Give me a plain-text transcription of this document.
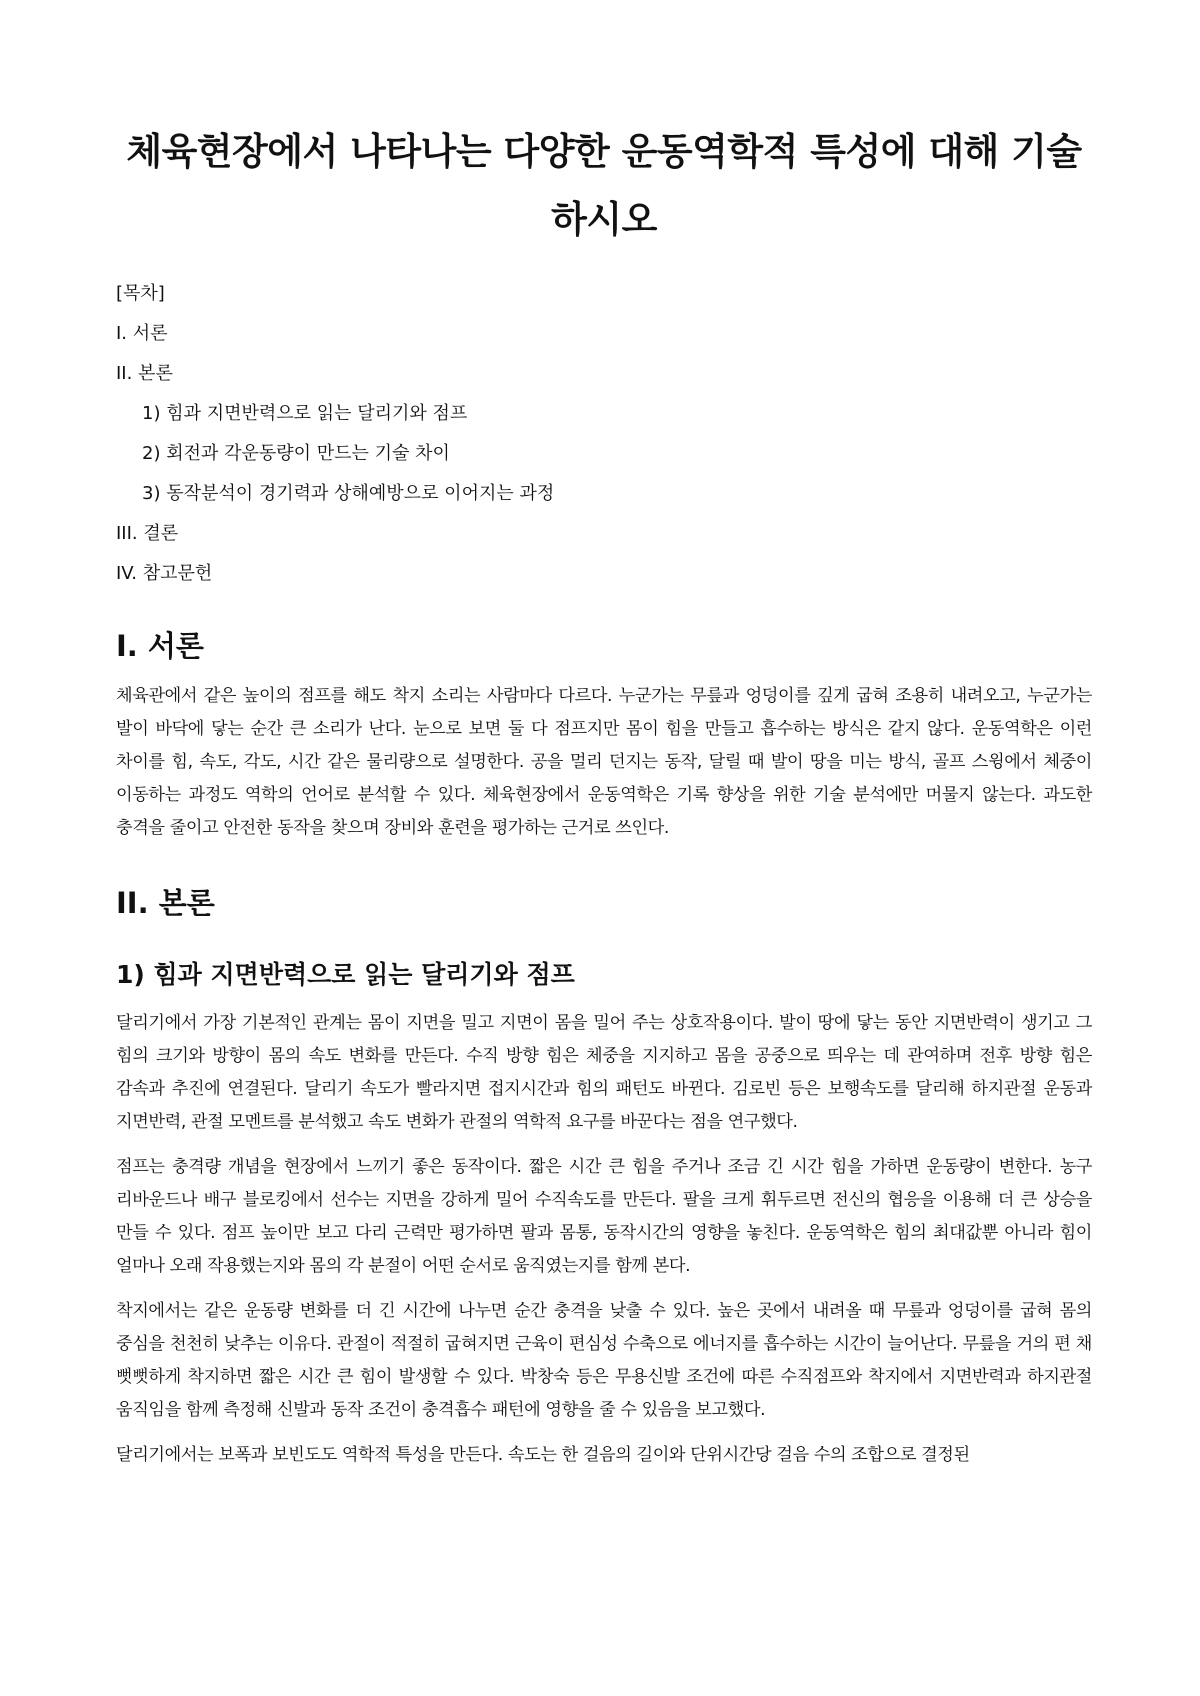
체육현장에서 나타나는 다양한 운동역학적 특성에 대해 기술하시오
[목차]
I. 서론
II. 본론
1) 힘과 지면반력으로 읽는 달리기와 점프
2) 회전과 각운동량이 만드는 기술 차이
3) 동작분석이 경기력과 상해예방으로 이어지는 과정
III. 결론
IV. 참고문헌
I. 서론

체육관에서 같은 높이의 점프를 해도 착지 소리는 사람마다 다르다. 누군가는 무릎과 엉덩이를 깊게 굽혀 조용히 내려오고, 누군가는 발이 바닥에 닿는 순간 큰 소리가 난다. 눈으로 보면 둘 다 점프지만 몸이 힘을 만들고 흡수하는 방식은 같지 않다. 운동역학은 이런 차이를 힘, 속도, 각도, 시간 같은 물리량으로 설명한다. 공을 멀리 던지는 동작, 달릴 때 발이 땅을 미는 방식, 골프 스윙에서 체중이 이동하는 과정도 역학의 언어로 분석할 수 있다. 체육현장에서 운동역학은 기록 향상을 위한 기술 분석에만 머물지 않는다. 과도한 충격을 줄이고 안전한 동작을 찾으며 장비와 훈련을 평가하는 근거로 쓰인다.

II. 본론
1) 힘과 지면반력으로 읽는 달리기와 점프

달리기에서 가장 기본적인 관계는 몸이 지면을 밀고 지면이 몸을 밀어 주는 상호작용이다. 발이 땅에 닿는 동안 지면반력이 생기고 그 힘의 크기와 방향이 몸의 속도 변화를 만든다. 수직 방향 힘은 체중을 지지하고 몸을 공중으로 띄우는 데 관여하며 전후 방향 힘은 감속과 추진에 연결된다. 달리기 속도가 빨라지면 접지시간과 힘의 패턴도 바뀐다. 김로빈 등은 보행속도를 달리해 하지관절 운동과 지면반력, 관절 모멘트를 분석했고 속도 변화가 관절의 역학적 요구를 바꾼다는 점을 연구했다.

점프는 충격량 개념을 현장에서 느끼기 좋은 동작이다. 짧은 시간 큰 힘을 주거나 조금 긴 시간 힘을 가하면 운동량이 변한다. 농구 리바운드나 배구 블로킹에서 선수는 지면을 강하게 밀어 수직속도를 만든다. 팔을 크게 휘두르면 전신의 협응을 이용해 더 큰 상승을 만들 수 있다. 점프 높이만 보고 다리 근력만 평가하면 팔과 몸통, 동작시간의 영향을 놓친다. 운동역학은 힘의 최대값뿐 아니라 힘이 얼마나 오래 작용했는지와 몸의 각 분절이 어떤 순서로 움직였는지를 함께 본다.

착지에서는 같은 운동량 변화를 더 긴 시간에 나누면 순간 충격을 낮출 수 있다. 높은 곳에서 내려올 때 무릎과 엉덩이를 굽혀 몸의 중심을 천천히 낮추는 이유다. 관절이 적절히 굽혀지면 근육이 편심성 수축으로 에너지를 흡수하는 시간이 늘어난다. 무릎을 거의 편 채 뻣뻣하게 착지하면 짧은 시간 큰 힘이 발생할 수 있다. 박창숙 등은 무용신발 조건에 따른 수직점프와 착지에서 지면반력과 하지관절 움직임을 함께 측정해 신발과 동작 조건이 충격흡수 패턴에 영향을 줄 수 있음을 보고했다.

달리기에서는 보폭과 보빈도도 역학적 특성을 만든다. 속도는 한 걸음의 길이와 단위시간당 걸음 수의 조합으로 결정된
